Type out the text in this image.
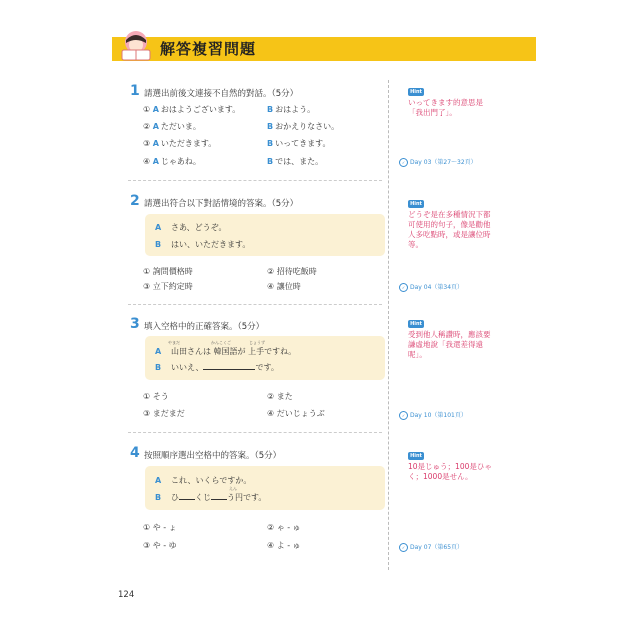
解答複習問題
1 請選出前後文連接不自然的對話。（5分）
① A おはようございます。	B おはよう。
② A ただいま。	B おかえりなさい。
③ A いただきます。	B いってきます。
④ A じゃあね。	B では、また。
Hint
いってきます的意思是「我出門了」。
✓ Day 03（第27～32頁）
2 請選出符合以下對話情境的答案。（5分）
A さあ、どうぞ。
B はい、いただきます。
① 詢問價格時	② 招待吃飯時
③ 立下約定時	④ 讓位時
Hint
どうぞ是在多種情況下都可使用的句子，像是勸他人多吃點時，或是讓位時等。
✓ Day 04（第34頁）
3 填入空格中的正確答案。（5分）
やまだ	かんこくご	じょうず
A 山田さんは 韓国語が 上手ですね。
B いいえ、	です。
① そう	② また
③ まだまだ	④ だいじょうぶ
Hint
受到他人稱讚時，應該要謙虛地說「我還差得遠呢」。
✓ Day 10（第101頁）
4 按照順序選出空格中的答案。（5分）
A これ、いくらですか。
えん
B ひ くじ う円です。
① や - ょ	② ゃ - ゅ
③ や - ゆ	④ よ - ゅ
Hint
10是じゅう；100是ひゃく；1000是せん。
✓ Day 07（第65頁）
124
